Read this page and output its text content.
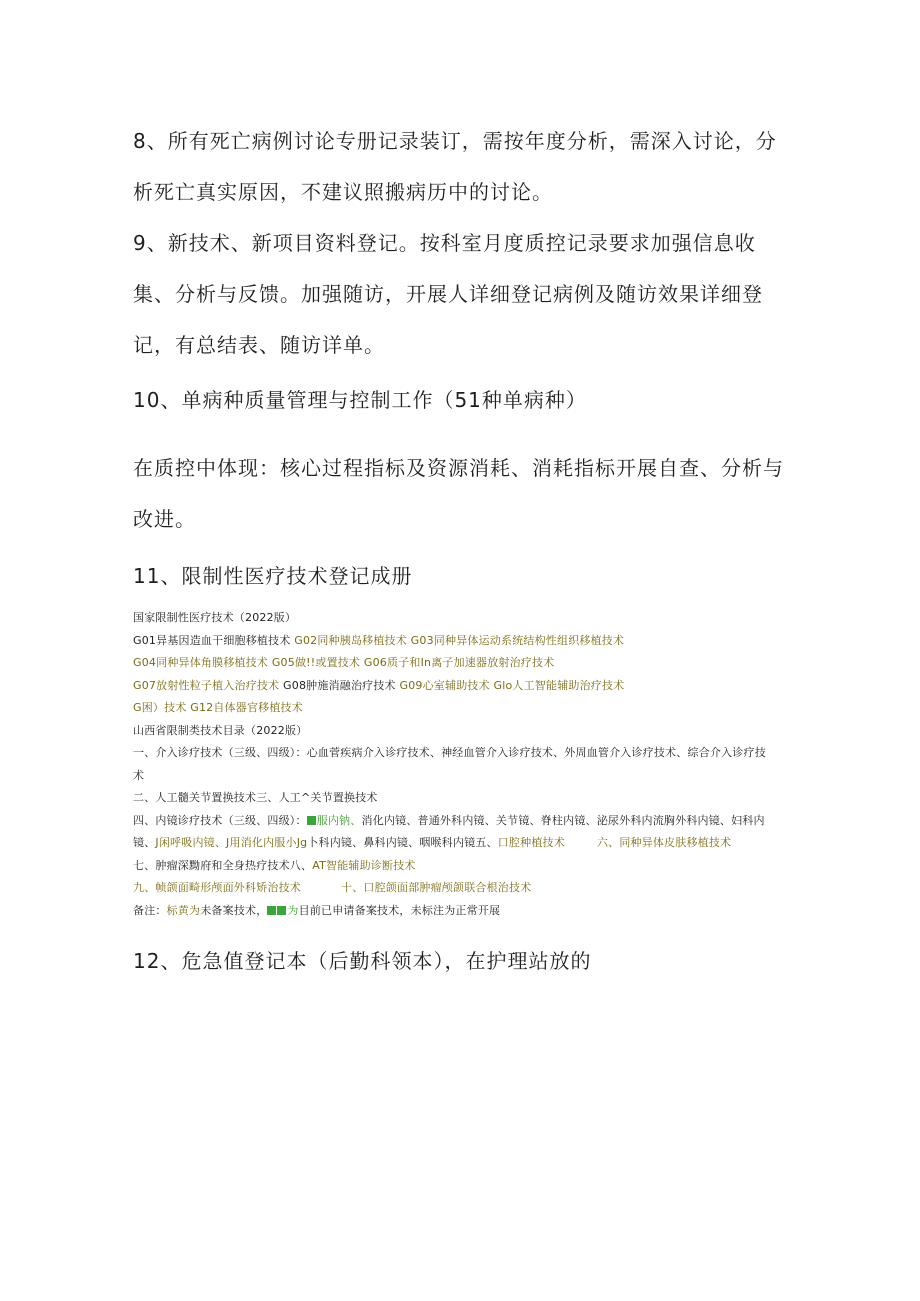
8、所有死亡病例讨论专册记录装订，需按年度分析，需深入讨论，分析死亡真实原因，不建议照搬病历中的讨论。

9、新技术、新项目资料登记。按科室月度质控记录要求加强信息收集、分析与反馈。加强随访，开展人详细登记病例及随访效果详细登记，有总结表、随访详单。

10、单病种质量管理与控制工作（51种单病种）

在质控中体现：核心过程指标及资源消耗、消耗指标开展自查、分析与改进。

11、限制性医疗技术登记成册

国家限制性医疗技术（2022版）
G01异基因造血干细胞移植技术 G02同种胰岛移植技术 G03同种异体运动系统结构性组织移植技术
G04同种异体角膜移植技术 G05做!!或置技术 G06质子和In离子加速器放射治疗技术
G07放射性粒子植入治疗技术 G08肿施消融治疗技术 G09心室辅助技术 Glo人工智能辅助治疗技术
G困）技术 G12自体器官移植技术
山西省限制类技术目录（2022版）
一、介入诊疗技术（三级、四级）：心血菅疾病介入诊疗技术、神经血管介入诊疗技术、外周血管介入诊疗技术、综合介入诊疗技
术
二、人工髓关节置换技术三、人工^关节置换技术
四、内镜诊疗技术（三级、四级）： 服内钠、消化内镜、普通外科内镜、关节镜、脊柱内镜、泌尿外科内流胸外科内镜、妇科内
镜、J闲呼吸内镜、J用消化内服小Jg卜科内镜、鼻科内镜、咽喉科内镜五、口腔种植技术	六、同种异体皮肤移植技术
七、肿瘤深黝府和全身热疗技术八、AT智能辅助诊断技术
九、帧颌面畸形颅面外科矫治技术	十、口腔颌面部肿瘤颅颌联合根治技术
备注：标黄为未备案技术， 为目前已申请备案技术，未标注为正常开展

12、危急值登记本（后勤科领本），在护理站放的
